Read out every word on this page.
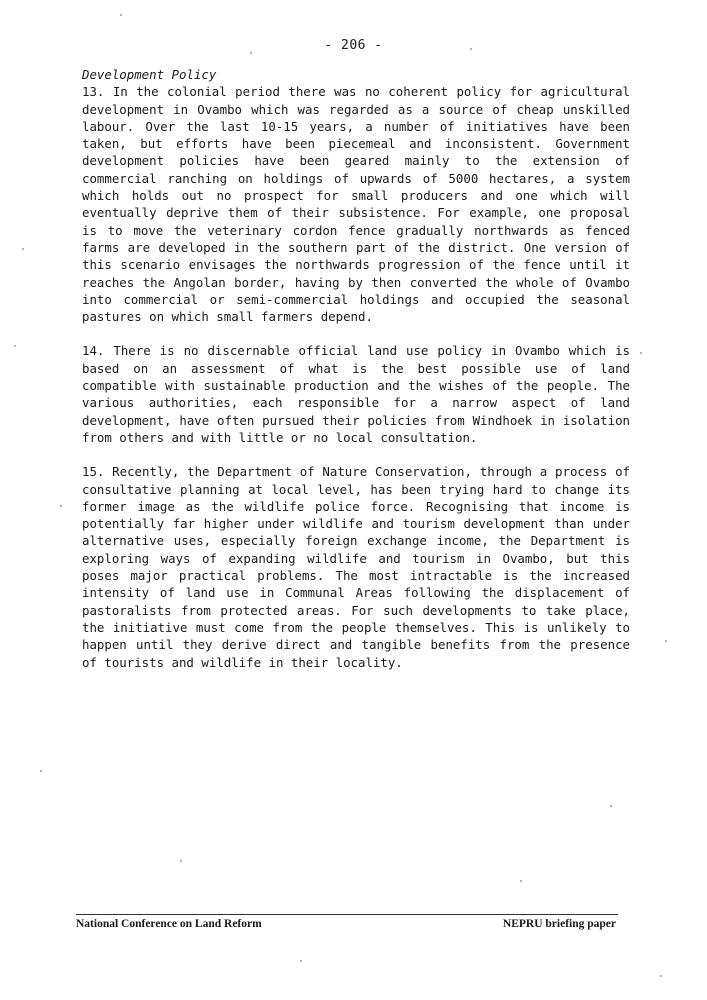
- 206 -

Development Policy

13. In the colonial period there was no coherent policy for agricultural development in Ovambo which was regarded as a source of cheap unskilled labour. Over the last 10-15 years, a number of initiatives have been taken, but efforts have been piecemeal and inconsistent. Government development policies have been geared mainly to the extension of commercial ranching on holdings of upwards of 5000 hectares, a system which holds out no prospect for small producers and one which will eventually deprive them of their subsistence. For example, one proposal is to move the veterinary cordon fence gradually northwards as fenced farms are developed in the southern part of the district. One version of this scenario envisages the northwards progression of the fence until it reaches the Angolan border, having by then converted the whole of Ovambo into commercial or semi-commercial holdings and occupied the seasonal pastures on which small farmers depend.

14. There is no discernable official land use policy in Ovambo which is based on an assessment of what is the best possible use of land compatible with sustainable production and the wishes of the people. The various authorities, each responsible for a narrow aspect of land development, have often pursued their policies from Windhoek in isolation from others and with little or no local consultation.

15. Recently, the Department of Nature Conservation, through a process of consultative planning at local level, has been trying hard to change its former image as the wildlife police force. Recognising that income is potentially far higher under wildlife and tourism development than under alternative uses, especially foreign exchange income, the Department is exploring ways of expanding wildlife and tourism in Ovambo, but this poses major practical problems. The most intractable is the increased intensity of land use in Communal Areas following the displacement of pastoralists from protected areas. For such developments to take place, the initiative must come from the people themselves. This is unlikely to happen until they derive direct and tangible benefits from the presence of tourists and wildlife in their locality.

National Conference on Land Reform	NEPRU briefing paper
